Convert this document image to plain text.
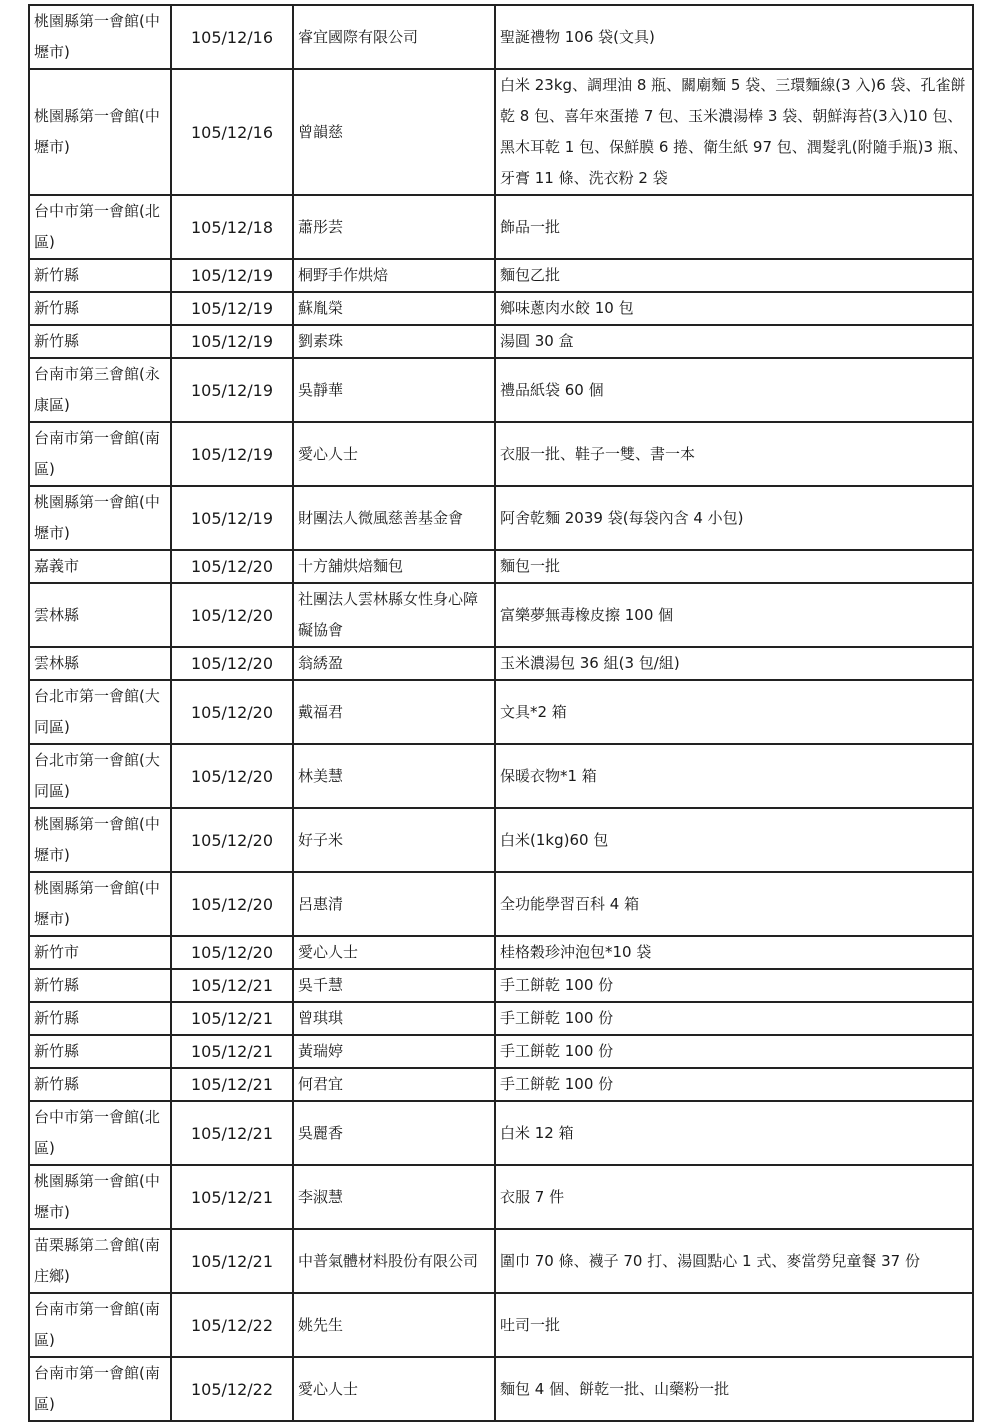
桃園縣第一會館(中壢市)	105/12/16	睿宜國際有限公司	聖誕禮物 106 袋(文具)
桃園縣第一會館(中壢市)	105/12/16	曾韻慈	白米 23kg、調理油 8 瓶、關廟麵 5 袋、三環麵線(3 入)6 袋、孔雀餅乾 8 包、喜年來蛋捲 7 包、玉米濃湯棒 3 袋、朝鮮海苔(3入)10 包、黑木耳乾 1 包、保鮮膜 6 捲、衛生紙 97 包、潤髮乳(附隨手瓶)3 瓶、牙膏 11 條、洗衣粉 2 袋
台中市第一會館(北區)	105/12/18	蕭彤芸	飾品一批
新竹縣	105/12/19	桐野手作烘焙	麵包乙批
新竹縣	105/12/19	蘇胤榮	鄉味蔥肉水餃 10 包
新竹縣	105/12/19	劉素珠	湯圓 30 盒
台南市第三會館(永康區)	105/12/19	吳靜華	禮品紙袋 60 個
台南市第一會館(南區)	105/12/19	愛心人士	衣服一批、鞋子一雙、書一本
桃園縣第一會館(中壢市)	105/12/19	財團法人微風慈善基金會	阿舍乾麵 2039 袋(每袋內含 4 小包)
嘉義市	105/12/20	十方舖烘焙麵包	麵包一批
雲林縣	105/12/20	社團法人雲林縣女性身心障礙協會	富樂夢無毒橡皮擦 100 個
雲林縣	105/12/20	翁綉盈	玉米濃湯包 36 組(3 包/組)
台北市第一會館(大同區)	105/12/20	戴福君	文具*2 箱
台北市第一會館(大同區)	105/12/20	林美慧	保暖衣物*1 箱
桃園縣第一會館(中壢市)	105/12/20	好子米	白米(1kg)60 包
桃園縣第一會館(中壢市)	105/12/20	呂惠清	全功能學習百科 4 箱
新竹市	105/12/20	愛心人士	桂格穀珍沖泡包*10 袋
新竹縣	105/12/21	吳千慧	手工餅乾 100 份
新竹縣	105/12/21	曾琪琪	手工餅乾 100 份
新竹縣	105/12/21	黃瑞婷	手工餅乾 100 份
新竹縣	105/12/21	何君宜	手工餅乾 100 份
台中市第一會館(北區)	105/12/21	吳麗香	白米 12 箱
桃園縣第一會館(中壢市)	105/12/21	李淑慧	衣服 7 件
苗栗縣第二會館(南庄鄉)	105/12/21	中普氣體材料股份有限公司	圍巾 70 條、襪子 70 打、湯圓點心 1 式、麥當勞兒童餐 37 份
台南市第一會館(南區)	105/12/22	姚先生	吐司一批
台南市第一會館(南區)	105/12/22	愛心人士	麵包 4 個、餅乾一批、山藥粉一批
